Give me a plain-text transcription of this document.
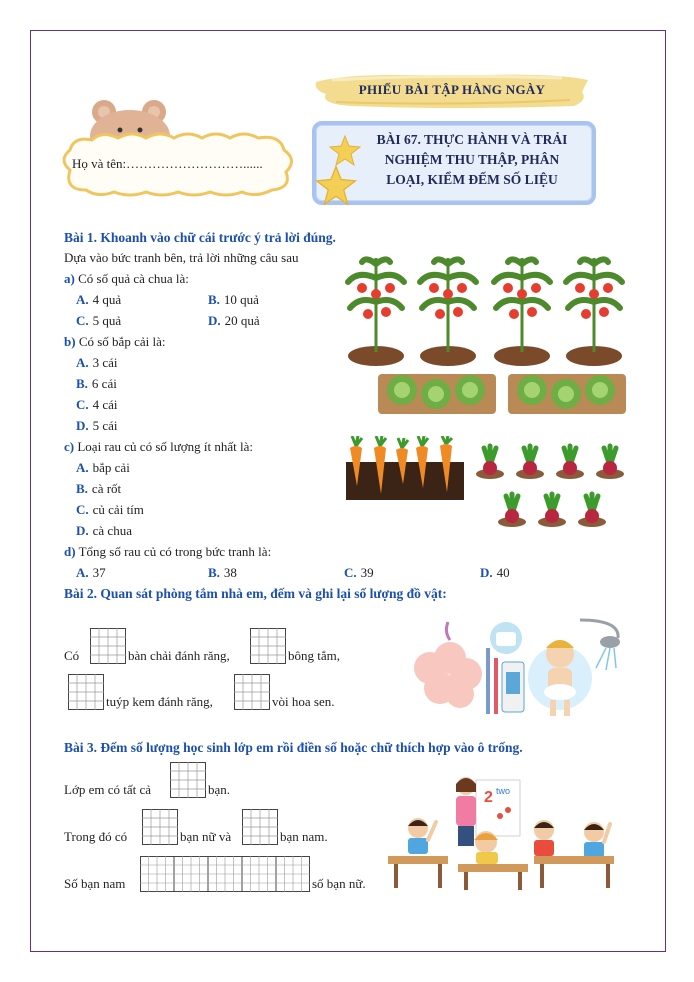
PHIẾU BÀI TẬP HÀNG NGÀY
Họ và tên:………………………......
BÀI 67. THỰC HÀNH VÀ TRẢI
NGHIỆM THU THẬP, PHÂN
LOẠI, KIỂM ĐẾM SỐ LIỆU
Bài 1. Khoanh vào chữ cái trước ý trả lời đúng.
Dựa vào bức tranh bên, trả lời những câu sau
a) Có số quả cà chua là:
A. 4 quả	B. 10 quả
C. 5 quả	D. 20 quả
b) Có số bắp cải là:
A. 3 cái
B. 6 cái
C. 4 cái
D. 5 cái
c) Loại rau củ có số lượng ít nhất là:
A. bắp cải
B. cà rốt
C. củ cải tím
D. cà chua
d) Tổng số rau củ có trong bức tranh là:
A. 37	B. 38	C. 39	D. 40
Bài 2. Quan sát phòng tắm nhà em, đếm và ghi lại số lượng đồ vật:
Có	bàn chải đánh răng,	bông tắm,
tuýp kem đánh răng,	vòi hoa sen.
Bài 3. Đếm số lượng học sinh lớp em rồi điền số hoặc chữ thích hợp vào ô trống.
Lớp em có tất cả	bạn.
Trong đó có	bạn nữ và	bạn nam.
Số bạn nam	số bạn nữ.
2 two
